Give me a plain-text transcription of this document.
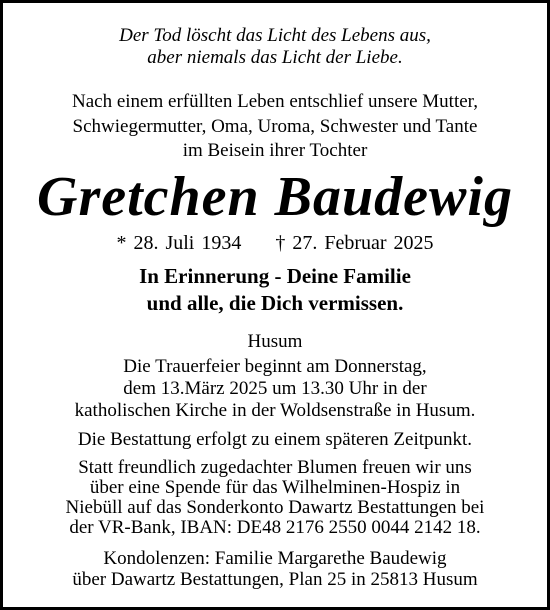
Der Tod löscht das Licht des Lebens aus,
aber niemals das Licht der Liebe.
Nach einem erfüllten Leben entschlief unsere Mutter,
Schwiegermutter, Oma, Uroma, Schwester und Tante
im Beisein ihrer Tochter
Gretchen Baudewig
* 28. Juli 1934 † 27. Februar 2025
In Erinnerung - Deine Familie
und alle, die Dich vermissen.
Husum
Die Trauerfeier beginnt am Donnerstag,
dem 13.März 2025 um 13.30 Uhr in der
katholischen Kirche in der Woldsenstraße in Husum.
Die Bestattung erfolgt zu einem späteren Zeitpunkt.
Statt freundlich zugedachter Blumen freuen wir uns
über eine Spende für das Wilhelminen-Hospiz in
Niebüll auf das Sonderkonto Dawartz Bestattungen bei
der VR-Bank, IBAN: DE48 2176 2550 0044 2142 18.
Kondolenzen: Familie Margarethe Baudewig
über Dawartz Bestattungen, Plan 25 in 25813 Husum
